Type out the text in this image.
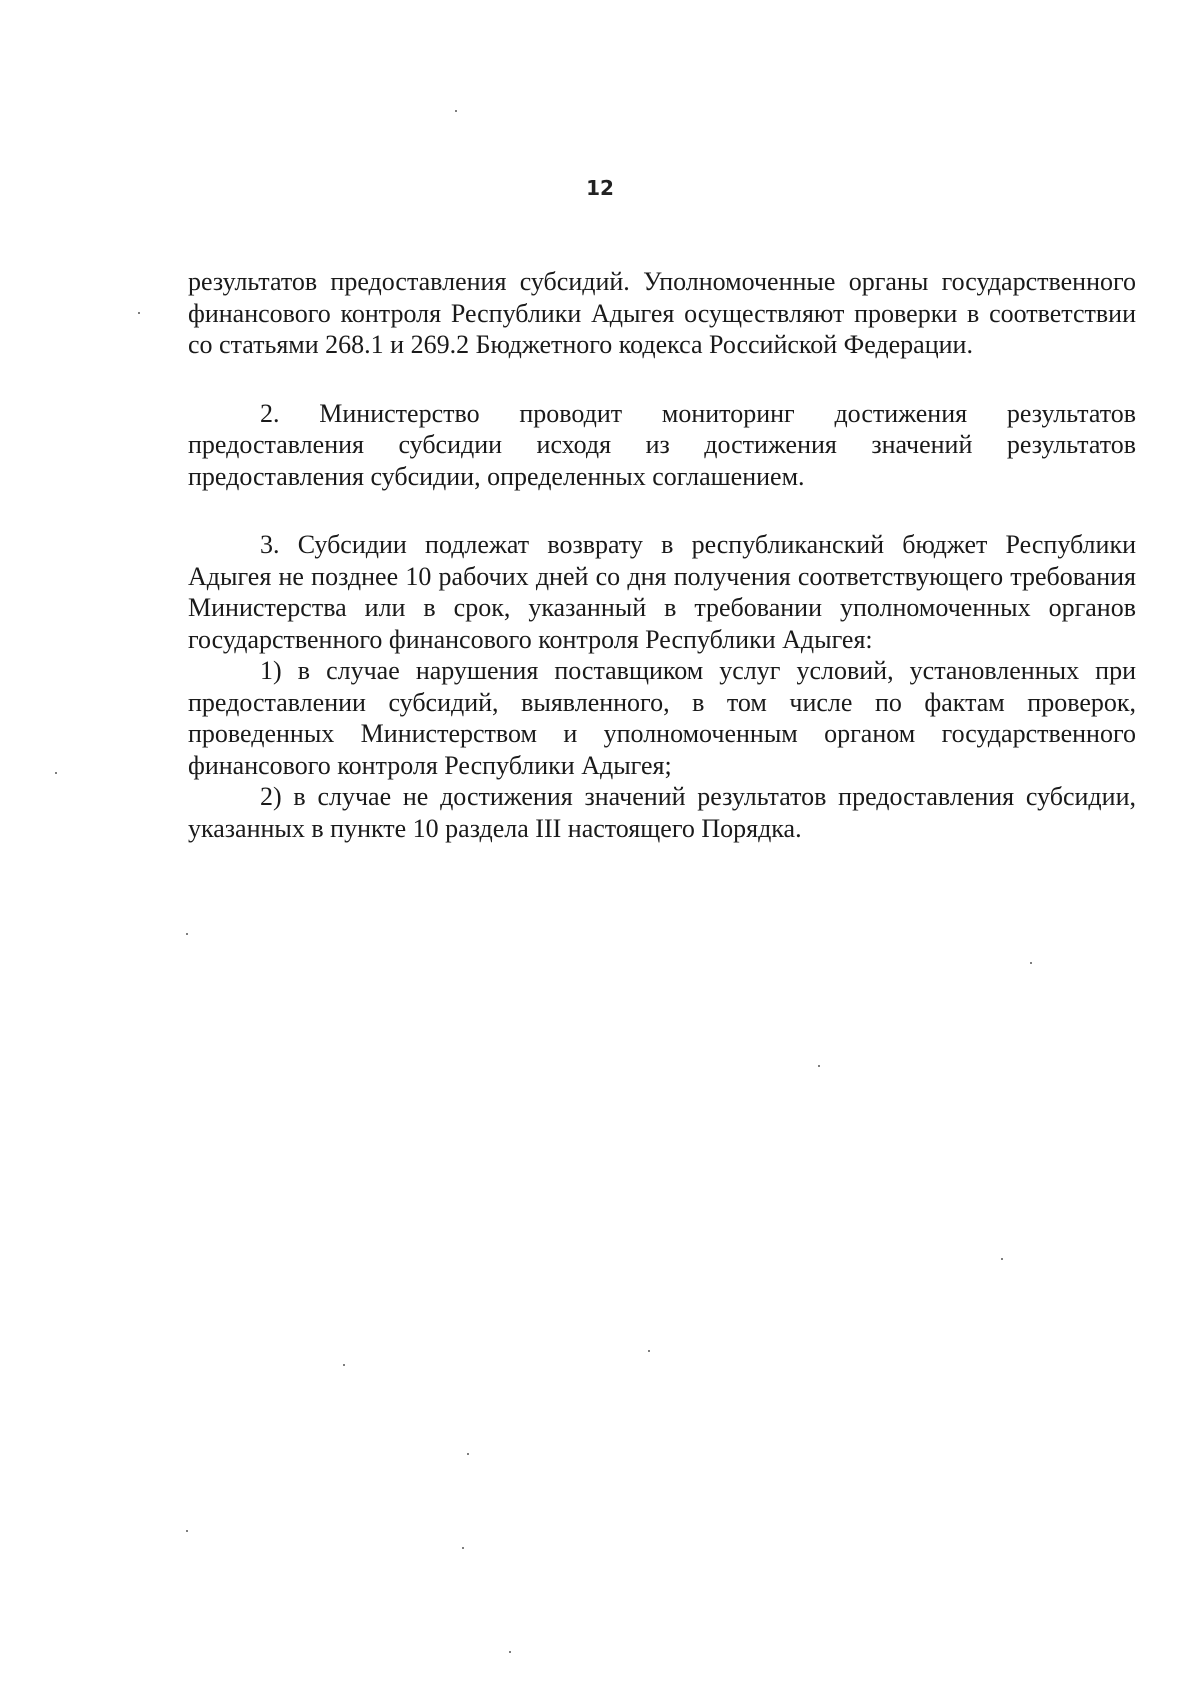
12

результатов предоставления субсидий. Уполномоченные органы государственного финансового контроля Республики Адыгея осуществляют проверки в соответствии со статьями 268.1 и 269.2 Бюджетного кодекса Российской Федерации.

2. Министерство проводит мониторинг достижения результатов предоставления субсидии исходя из достижения значений результатов предоставления субсидии, определенных соглашением.

3. Субсидии подлежат возврату в республиканский бюджет Республики Адыгея не позднее 10 рабочих дней со дня получения соответствующего требования Министерства или в срок, указанный в требовании уполномоченных органов государственного финансового контроля Республики Адыгея:

1) в случае нарушения поставщиком услуг условий, установленных при предоставлении субсидий, выявленного, в том числе по фактам проверок, проведенных Министерством и уполномоченным органом государственного финансового контроля Республики Адыгея;

2) в случае не достижения значений результатов предоставления субсидии, указанных в пункте 10 раздела III настоящего Порядка.
